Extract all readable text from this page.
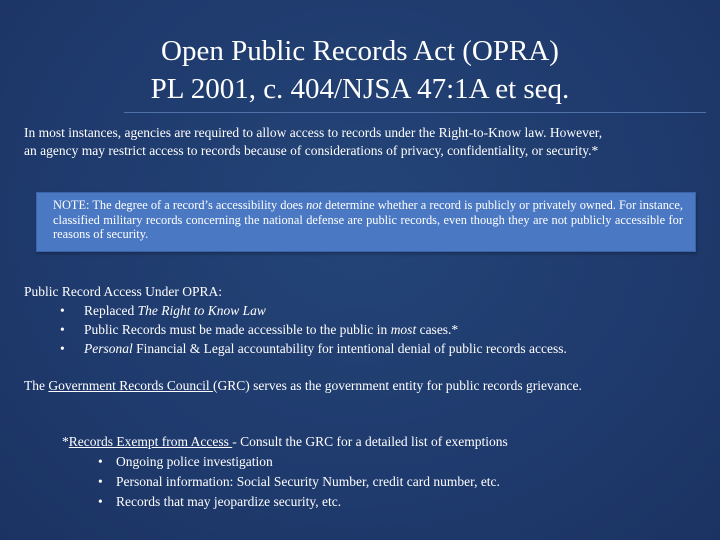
Open Public Records Act (OPRA)
PL 2001, c. 404/NJSA 47:1A et seq.
In most instances, agencies are required to allow access to records under the Right-to-Know law. However, an agency may restrict access to records because of considerations of privacy, confidentiality, or security.*
NOTE: The degree of a record’s accessibility does not determine whether a record is publicly or privately owned. For instance, classified military records concerning the national defense are public records, even though they are not publicly accessible for reasons of security.
Public Record Access Under OPRA:
• Replaced The Right to Know Law
• Public Records must be made accessible to the public in most cases.*
• Personal Financial & Legal accountability for intentional denial of public records access.
The Government Records Council (GRC) serves as the government entity for public records grievance.
*Records Exempt from Access - Consult the GRC for a detailed list of exemptions
• Ongoing police investigation
• Personal information: Social Security Number, credit card number, etc.
• Records that may jeopardize security, etc.
